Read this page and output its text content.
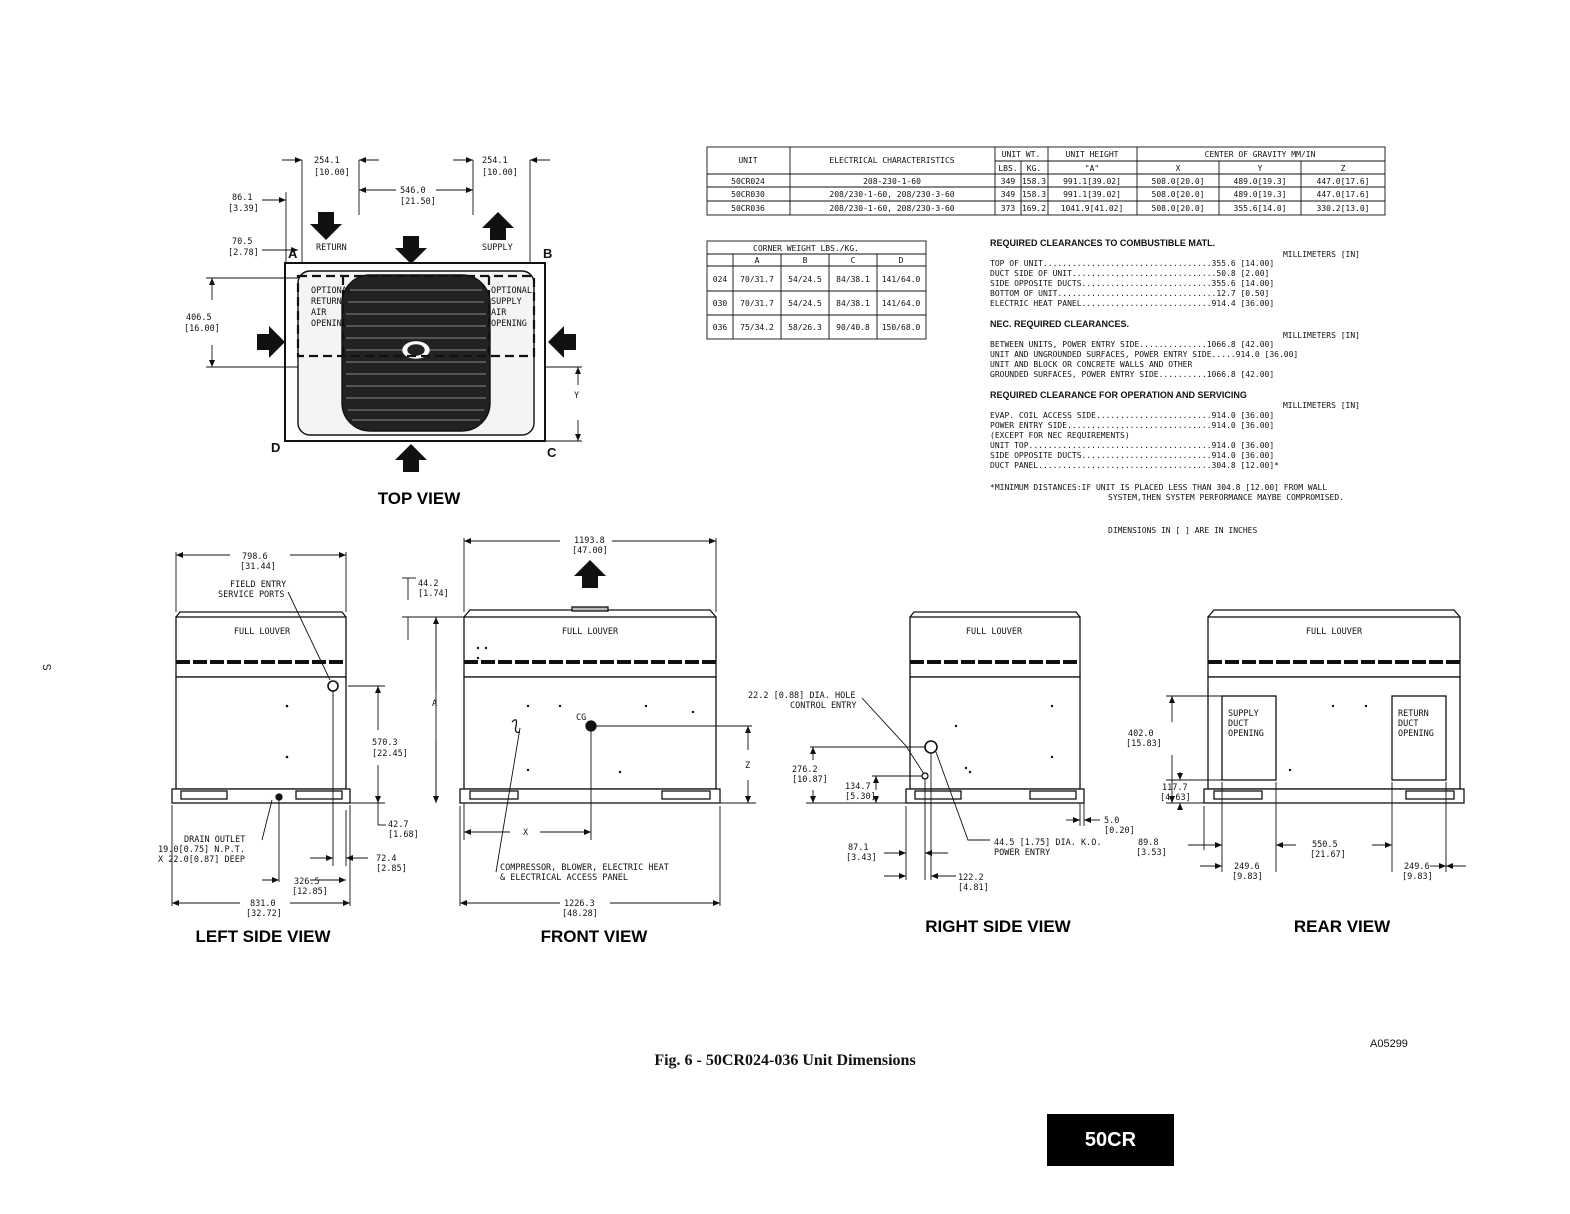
254.1
[10.00]
254.1
[10.00]
546.0
[21.50]
86.1
[3.39]
70.5
[2.78]
406.5
[16.00]
Y
RETURN	SUPPLY
OPTIONAL
RETURN
AIR
OPENING
OPTIONAL
SUPPLY
AIR
OPENING
A	B
C
D
TOP VIEW
UNIT	ELECTRICAL CHARACTERISTICS
UNIT WT.	UNIT HEIGHT	CENTER OF GRAVITY MM/IN
LBS. KG.	"A"	X	Y	Z
50CR024	208-230-1-60	349 158.3 991.1[39.02]	508.0[20.0]	489.0[19.3]	447.0[17.6]
50CR030	208/230-1-60, 208/230-3-60	349 158.3 991.1[39.02]	508.0[20.0]	489.0[19.3]	447.0[17.6]
50CR036	208/230-1-60, 208/230-3-60	373 169.2 1041.9[41.02]	508.0[20.0]	355.6[14.0]	330.2[13.0]
CORNER WEIGHT LBS./KG.
A	B	C	D
024 70/31.7 54/24.5 84/38.1 141/64.0
030 70/31.7 54/24.5 84/38.1 141/64.0
036 75/34.2 58/26.3 90/40.8 150/68.0
REQUIRED CLEARANCES TO COMBUSTIBLE MATL.
MILLIMETERS [IN]
TOP OF UNIT...................................355.6 [14.00]
DUCT SIDE OF UNIT..............................50.8 [2.00]
SIDE OPPOSITE DUCTS...........................355.6 [14.00]
BOTTOM OF UNIT.................................12.7 [0.50]
ELECTRIC HEAT PANEL...........................914.4 [36.00]
NEC. REQUIRED CLEARANCES.
MILLIMETERS [IN]
BETWEEN UNITS, POWER ENTRY SIDE..............1066.8 [42.00]
UNIT AND UNGROUNDED SURFACES, POWER ENTRY SIDE.....914.0 [36.00]
UNIT AND BLOCK OR CONCRETE WALLS AND OTHER
GROUNDED SURFACES, POWER ENTRY SIDE..........1066.8 [42.00]
REQUIRED CLEARANCE FOR OPERATION AND SERVICING
MILLIMETERS [IN]
EVAP. COIL ACCESS SIDE........................914.0 [36.00]
POWER ENTRY SIDE..............................914.0 [36.00]
(EXCEPT FOR NEC REQUIREMENTS)
UNIT TOP......................................914.0 [36.00]
SIDE OPPOSITE DUCTS...........................914.0 [36.00]
DUCT PANEL....................................304.8 [12.00]*
*MINIMUM DISTANCES:IF UNIT IS PLACED LESS THAN 304.8 [12.00] FROM WALL
SYSTEM,THEN SYSTEM PERFORMANCE MAYBE COMPROMISED.
DIMENSIONS IN [ ] ARE IN INCHES
798.6
[31.44]
FULL LOUVER
FIELD ENTRY
SERVICE PORTS
570.3
[22.45]
42.7
[1.68]
72.4
[2.85]
326.5
[12.85]
831.0
[32.72]
DRAIN OUTLET
19.0[0.75] N.P.T.
X 22.0[0.87] DEEP
LEFT SIDE VIEW
1193.8
[47.00]
44.2
[1.74]
A
Z
X
FULL LOUVER
CG
COMPRESSOR, BLOWER, ELECTRIC HEAT
& ELECTRICAL ACCESS PANEL
1226.3
[48.28]
FRONT VIEW
FULL LOUVER
22.2 [0.88] DIA. HOLE
CONTROL ENTRY
276.2
[10.87]
134.7
[5.30]
87.1
[3.43]
122.2
[4.81]
44.5 [1.75] DIA. K.O.
POWER ENTRY
5.0
[0.20]
RIGHT SIDE VIEW
FULL LOUVER
SUPPLY
DUCT
OPENING
RETURN
DUCT
OPENING
402.0
[15.83]
117.7
[4.63]
89.8
[3.53]
550.5
[21.67]
249.6
[9.83]
249.6
[9.83]
REAR VIEW
ഗ
A05299
Fig. 6 - 50CR024-036 Unit Dimensions
50CR
